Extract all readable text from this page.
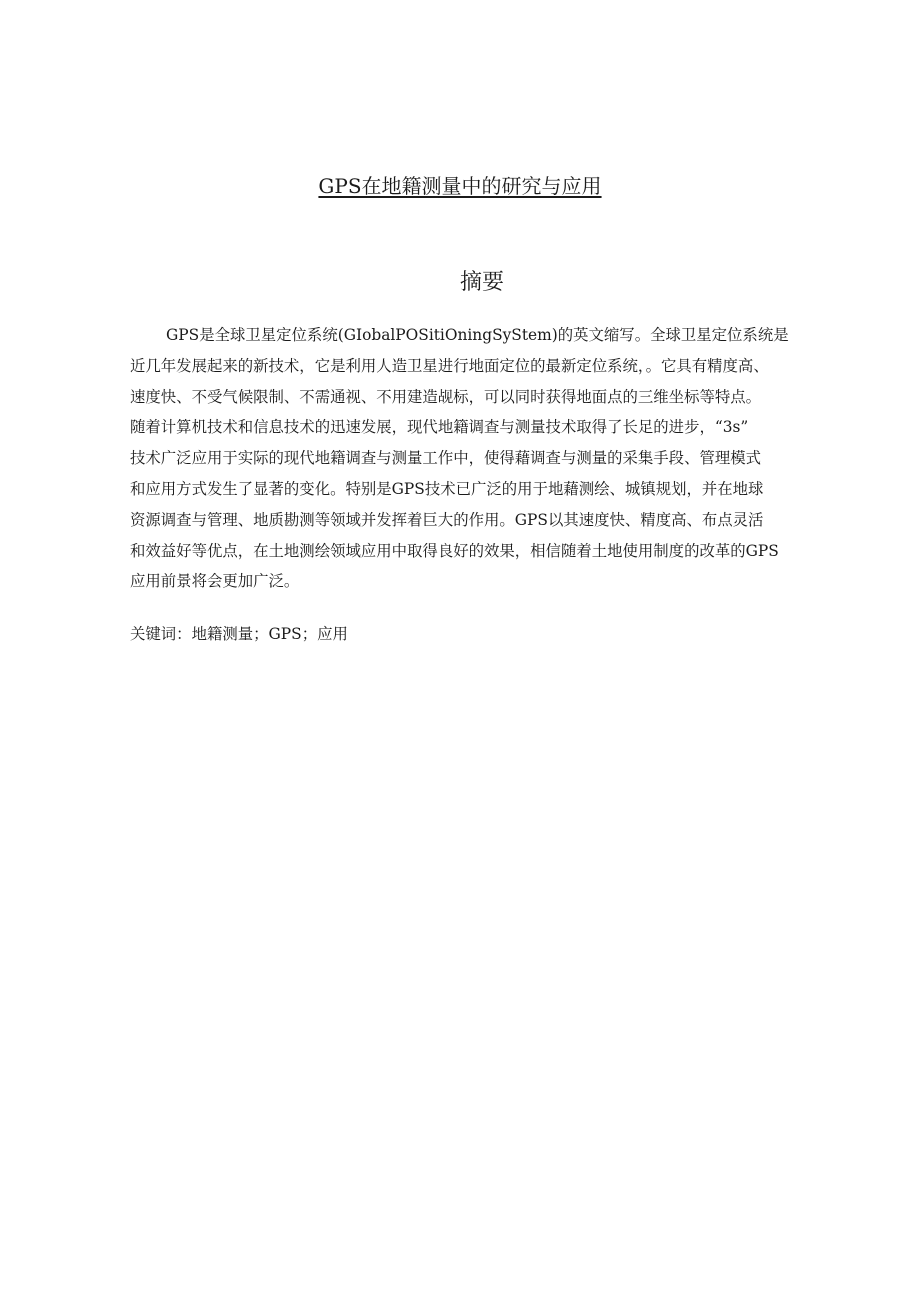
GPS在地籍测量中的研究与应用
摘要
GPS是全球卫星定位系统(GIobalPOSitiOningSyStem)的英文缩写。全球卫星定位系统是
近几年发展起来的新技术，它是利用人造卫星进行地面定位的最新定位系统，。它具有精度高、
速度快、不受气候限制、不需通视、不用建造觇标，可以同时获得地面点的三维坐标等特点。
随着计算机技术和信息技术的迅速发展，现代地籍调查与测量技术取得了长足的进步，“3s”
技术广泛应用于实际的现代地籍调查与测量工作中，使得藉调查与测量的采集手段、管理模式
和应用方式发生了显著的变化。特别是GPS技术已广泛的用于地藉测绘、城镇规划，并在地球
资源调查与管理、地质勘测等领域并发挥着巨大的作用。GPS以其速度快、精度高、布点灵活
和效益好等优点，在土地测绘领域应用中取得良好的效果，相信随着土地使用制度的改革的GPS
应用前景将会更加广泛。

关键词：地籍测量；GPS；应用
